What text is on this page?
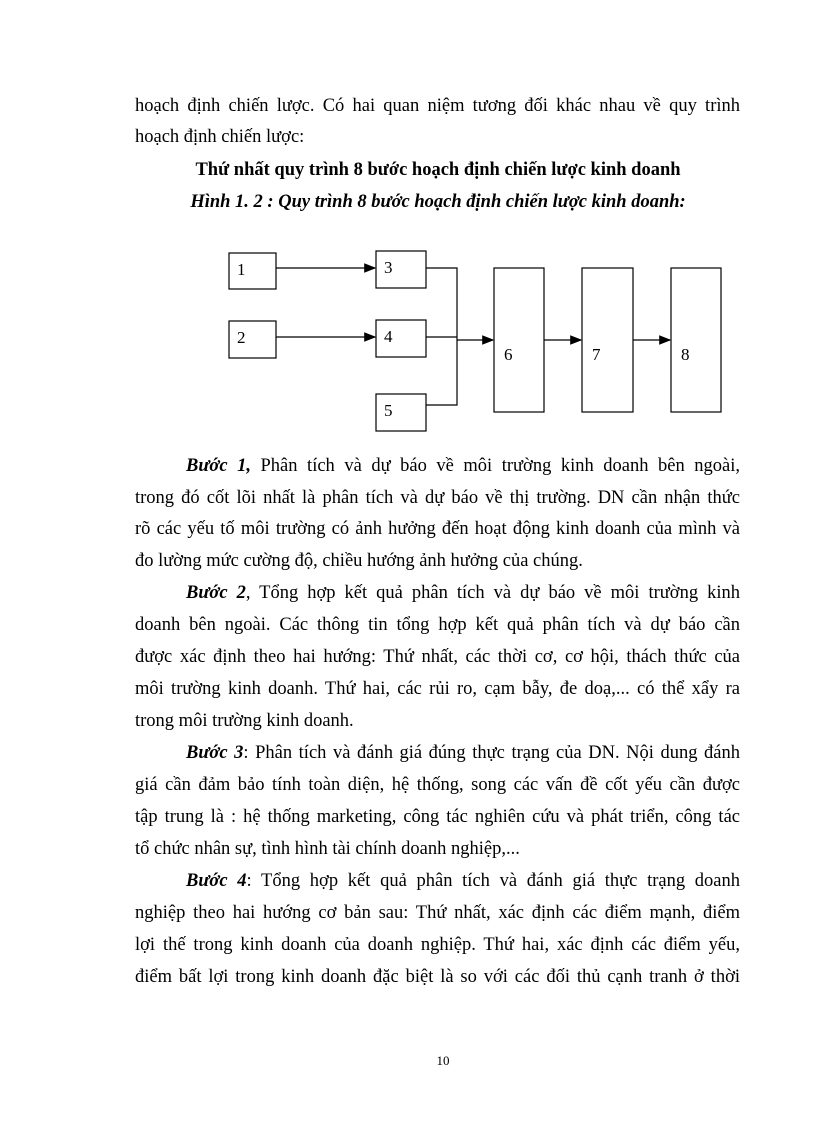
hoạch định chiến lược. Có hai quan niệm tương đối khác nhau về quy trình
hoạch định chiến lược:
Thứ nhất quy trình 8 bước hoạch định chiến lược kinh doanh
Hình 1. 2 : Quy trình 8 bước hoạch định chiến lược kinh doanh:
1
2
3
4
5
6	7	8
Bước 1, Phân tích và dự báo về môi trường kinh doanh bên ngoài,
trong đó cốt lõi nhất là phân tích và dự báo về thị trường. DN cần nhận thức
rõ các yếu tố môi trường có ảnh hưởng đến hoạt động kinh doanh của mình và
đo lường mức cường độ, chiều hướng ảnh hưởng của chúng.
Bước 2, Tổng hợp kết quả phân tích và dự báo về môi trường kinh
doanh bên ngoài. Các thông tin tổng hợp kết quả phân tích và dự báo cần
được xác định theo hai hướng: Thứ nhất, các thời cơ, cơ hội, thách thức của
môi trường kinh doanh. Thứ hai, các rủi ro, cạm bẫy, đe doạ,... có thể xẩy ra
trong môi trường kinh doanh.
Bước 3: Phân tích và đánh giá đúng thực trạng của DN. Nội dung đánh
giá cần đảm bảo tính toàn diện, hệ thống, song các vấn đề cốt yếu cần được
tập trung là : hệ thống marketing, công tác nghiên cứu và phát triển, công tác
tổ chức nhân sự, tình hình tài chính doanh nghiệp,...
Bước 4: Tổng hợp kết quả phân tích và đánh giá thực trạng doanh
nghiệp theo hai hướng cơ bản sau: Thứ nhất, xác định các điểm mạnh, điểm
lợi thế trong kinh doanh của doanh nghiệp. Thứ hai, xác định các điểm yếu,
điểm bất lợi trong kinh doanh đặc biệt là so với các đối thủ cạnh tranh ở thời
10
